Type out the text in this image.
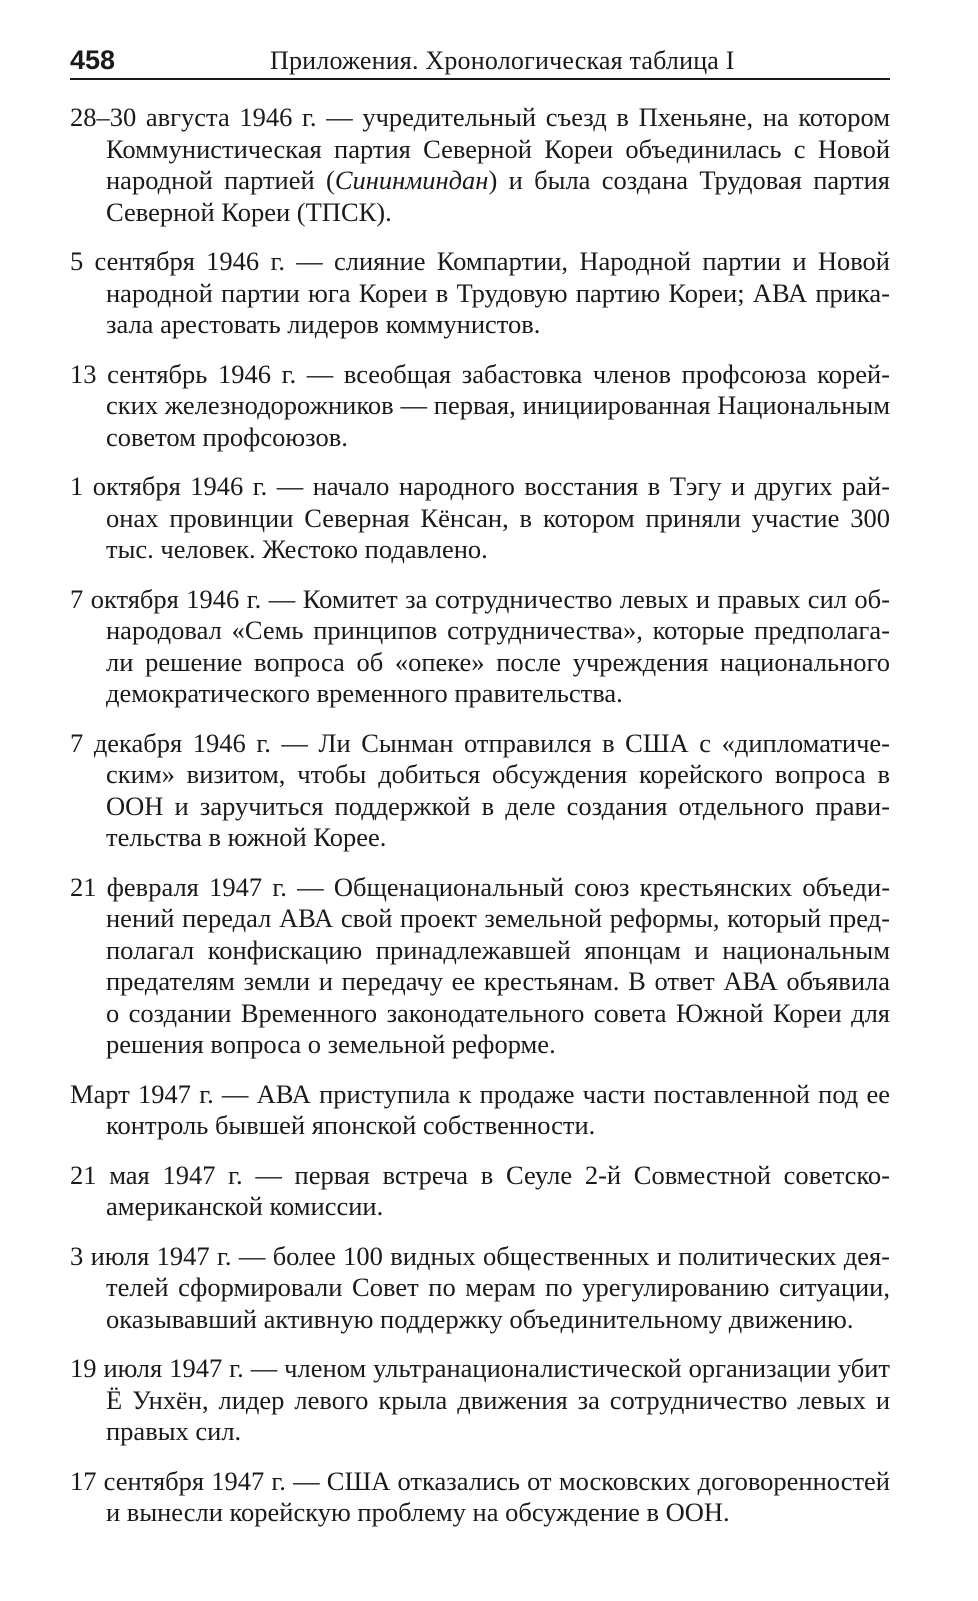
458	Приложения. Хронологическая таблица I

28–30 августа 1946 г. — учредительный съезд в Пхеньяне, на котором Коммунистическая партия Северной Кореи объединилась с Новой народной партией (Сининминдан) и была создана Трудовая партия Северной Кореи (ТПСК).

5 сентября 1946 г. — слияние Компартии, Народной партии и Новой народной партии юга Кореи в Трудовую партию Кореи; АВА приказала арестовать лидеров коммунистов.

13 сентябрь 1946 г. — всеобщая забастовка членов профсоюза корейских железнодорожников — первая, инициированная Национальным советом профсоюзов.

1 октября 1946 г. — начало народного восстания в Тэгу и других районах провинции Северная Кёнсан, в котором приняли участие 300 тыс. человек. Жестоко подавлено.

7 октября 1946 г. — Комитет за сотрудничество левых и правых сил обнародовал «Семь принципов сотрудничества», которые предполагали решение вопроса об «опеке» после учреждения национального демократического временного правительства.

7 декабря 1946 г. — Ли Сынман отправился в США с «дипломатическим» визитом, чтобы добиться обсуждения корейского вопроса в ООН и заручиться поддержкой в деле создания отдельного правительства в южной Корее.

21 февраля 1947 г. — Общенациональный союз крестьянских объединений передал АВА свой проект земельной реформы, который предполагал конфискацию принадлежавшей японцам и национальным предателям земли и передачу ее крестьянам. В ответ АВА объявила о создании Временного законодательного совета Южной Кореи для решения вопроса о земельной реформе.

Март 1947 г. — АВА приступила к продаже части поставленной под ее контроль бывшей японской собственности.

21 мая 1947 г. — первая встреча в Сеуле 2-й Совместной советско-американской комиссии.

3 июля 1947 г. — более 100 видных общественных и политических деятелей сформировали Совет по мерам по урегулированию ситуации, оказывавший активную поддержку объединительному движению.

19 июля 1947 г. — членом ультранационалистической организации убит Ё Унхён, лидер левого крыла движения за сотрудничество левых и правых сил.

17 сентября 1947 г. — США отказались от московских договоренностей и вынесли корейскую проблему на обсуждение в ООН.
